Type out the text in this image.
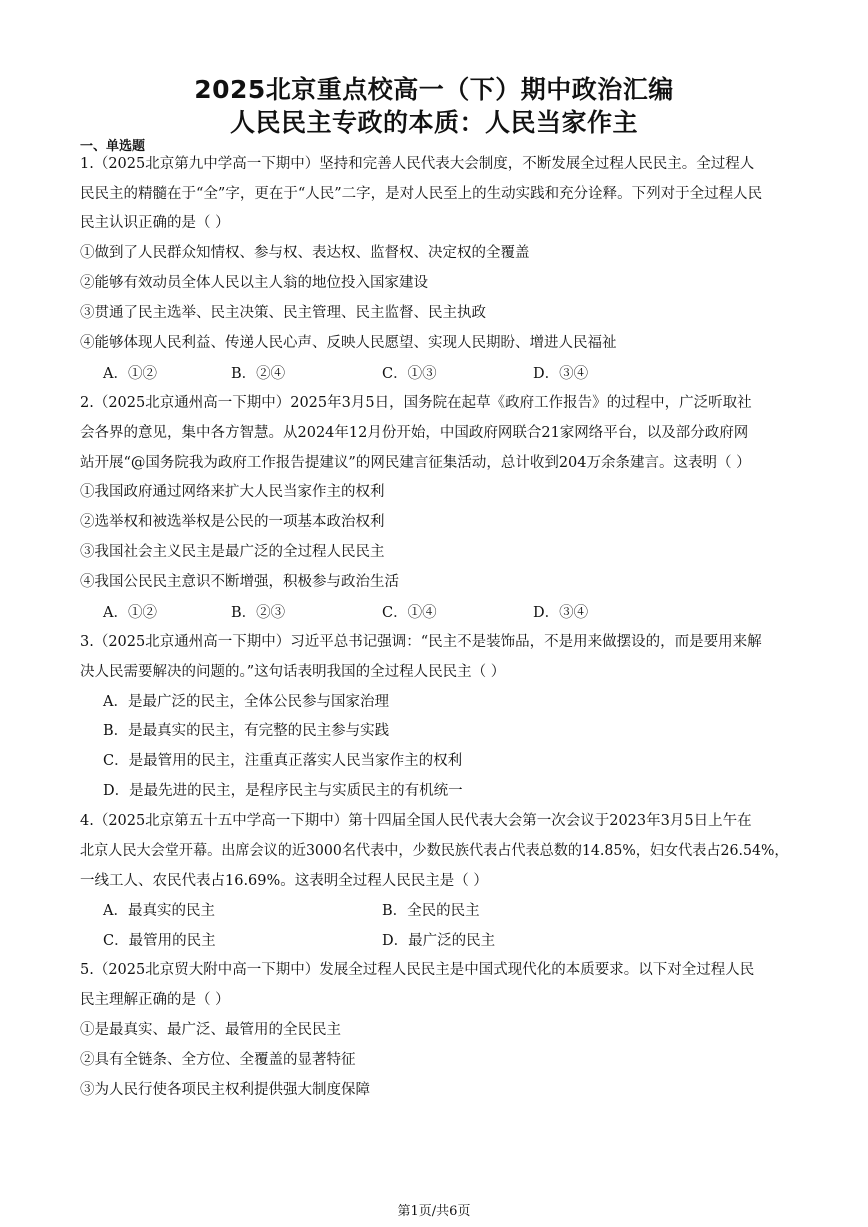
2025北京重点校高一（下）期中政治汇编
人民民主专政的本质：人民当家作主
一、单选题
1.（2025北京第九中学高一下期中）坚持和完善人民代表大会制度，不断发展全过程人民民主。全过程人
民民主的精髓在于“全”字，更在于“人民”二字，是对人民至上的生动实践和充分诠释。下列对于全过程人民
民主认识正确的是（ ）
①做到了人民群众知情权、参与权、表达权、监督权、决定权的全覆盖
②能够有效动员全体人民以主人翁的地位投入国家建设
③贯通了民主选举、民主决策、民主管理、民主监督、民主执政
④能够体现人民利益、传递人民心声、反映人民愿望、实现人民期盼、增进人民福祉
A．①②	B．②④	C．①③	D．③④
2.（2025北京通州高一下期中）2025年3月5日，国务院在起草《政府工作报告》的过程中，广泛听取社
会各界的意见，集中各方智慧。从2024年12月份开始，中国政府网联合21家网络平台，以及部分政府网
站开展“@国务院我为政府工作报告提建议”的网民建言征集活动，总计收到204万余条建言。这表明（ ）
①我国政府通过网络来扩大人民当家作主的权利
②选举权和被选举权是公民的一项基本政治权利
③我国社会主义民主是最广泛的全过程人民民主
④我国公民民主意识不断增强，积极参与政治生活
A．①②	B．②③	C．①④	D．③④
3.（2025北京通州高一下期中）习近平总书记强调：“民主不是装饰品，不是用来做摆设的，而是要用来解
决人民需要解决的问题的。”这句话表明我国的全过程人民民主（ ）
A．是最广泛的民主，全体公民参与国家治理
B．是最真实的民主，有完整的民主参与实践
C．是最管用的民主，注重真正落实人民当家作主的权利
D．是最先进的民主，是程序民主与实质民主的有机统一
4.（2025北京第五十五中学高一下期中）第十四届全国人民代表大会第一次会议于2023年3月5日上午在
北京人民大会堂开幕。出席会议的近3000名代表中，少数民族代表占代表总数的14.85%，妇女代表占26.54%，
一线工人、农民代表占16.69%。这表明全过程人民民主是（ ）
A．最真实的民主	B．全民的民主
C．最管用的民主	D．最广泛的民主
5.（2025北京贸大附中高一下期中）发展全过程人民民主是中国式现代化的本质要求。以下对全过程人民
民主理解正确的是（ ）
①是最真实、最广泛、最管用的全民民主
②具有全链条、全方位、全覆盖的显著特征
③为人民行使各项民主权利提供强大制度保障
第1页/共6页
